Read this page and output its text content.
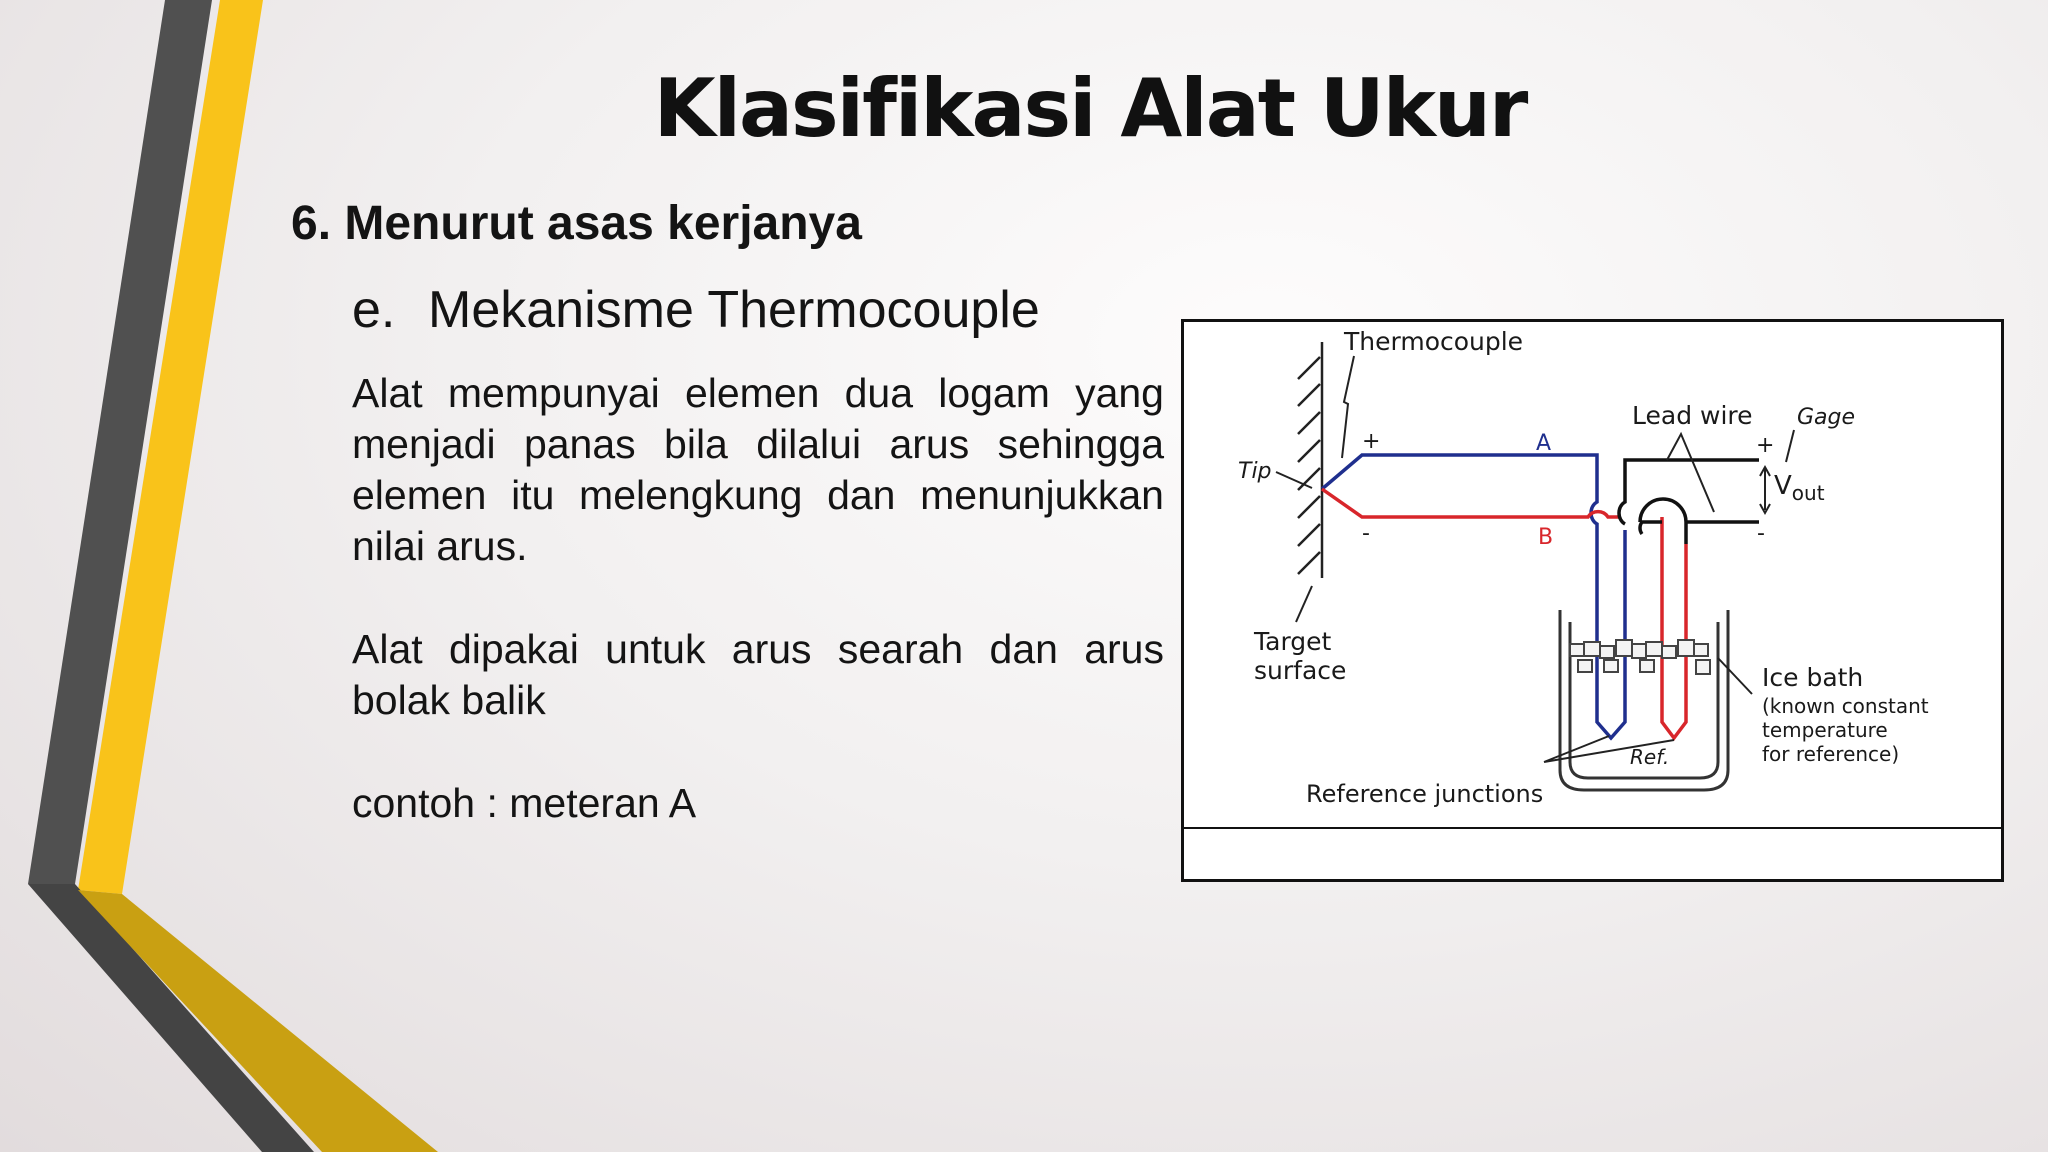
Klasifikasi Alat Ukur
6. Menurut asas kerjanya
e. Mekanisme Thermocouple
Alat mempunyai elemen dua logam yang menjadi panas bila dilalui arus sehingga elemen itu melengkung dan menunjukkan nilai arus.
Alat dipakai untuk arus searah dan arus bolak balik
contoh : meteran A
Thermocouple
Lead wire Gage
Tip
+
-
A
B
+
-
$V_{out}$
Target
surface	Ice bath
(known constant
temperature
for reference)
Ref.
Reference junctions
